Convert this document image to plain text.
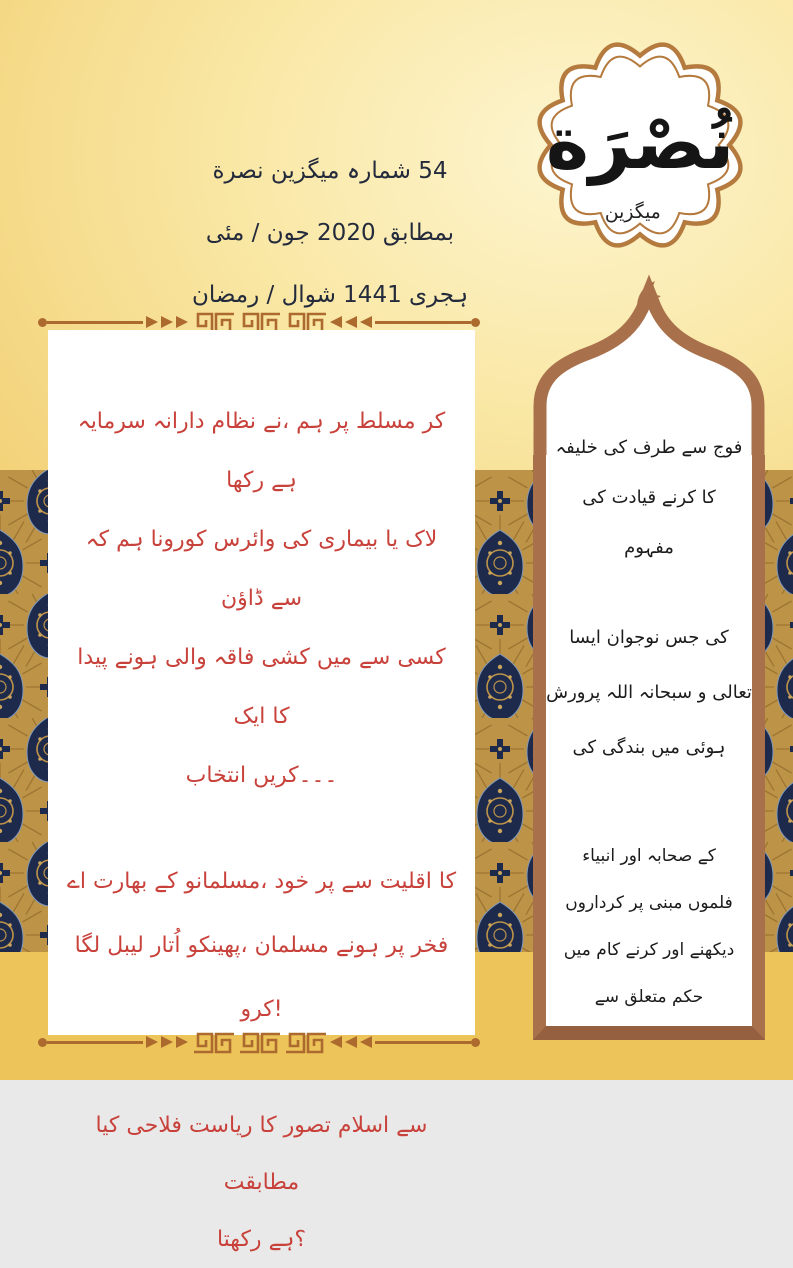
نصرة میگزین شمارہ 54
مئی / جون 2020 بمطابق
رمضان / شوال 1441 ہجری
نُصْرَة
میگزین
سرمایہ دارانہ نظام نے، ہم پر مسلط کر رکھا ہے
کہ ہم کورونا وائرس کی بیماری یا لاک ڈاؤن سے
پیدا ہونے والی فاقہ کشی میں سے کسی ایک کا
انتخاب کریں۔۔۔
اے بھارت کے مسلمانو، خود پر سے اقلیت کا
لگا لیبل اُتار پھینکو، مسلمان ہونے پر فخر کرو!
کیا فلاحی ریاست کا تصور اسلام سے مطابقت
رکھتا ہے؟
خلیفہ کی طرف سے فوج
کی قیادت کرنے کا
مفہوم
ایسا نوجوان جس کی
پرورش اللہ سبحانہ و تعالی
کی بندگی میں ہوئی
انبیاء اور صحابہ کے
کرداروں پر مبنی فلموں
میں کام کرنے اور دیکھنے
سے متعلق حکم
